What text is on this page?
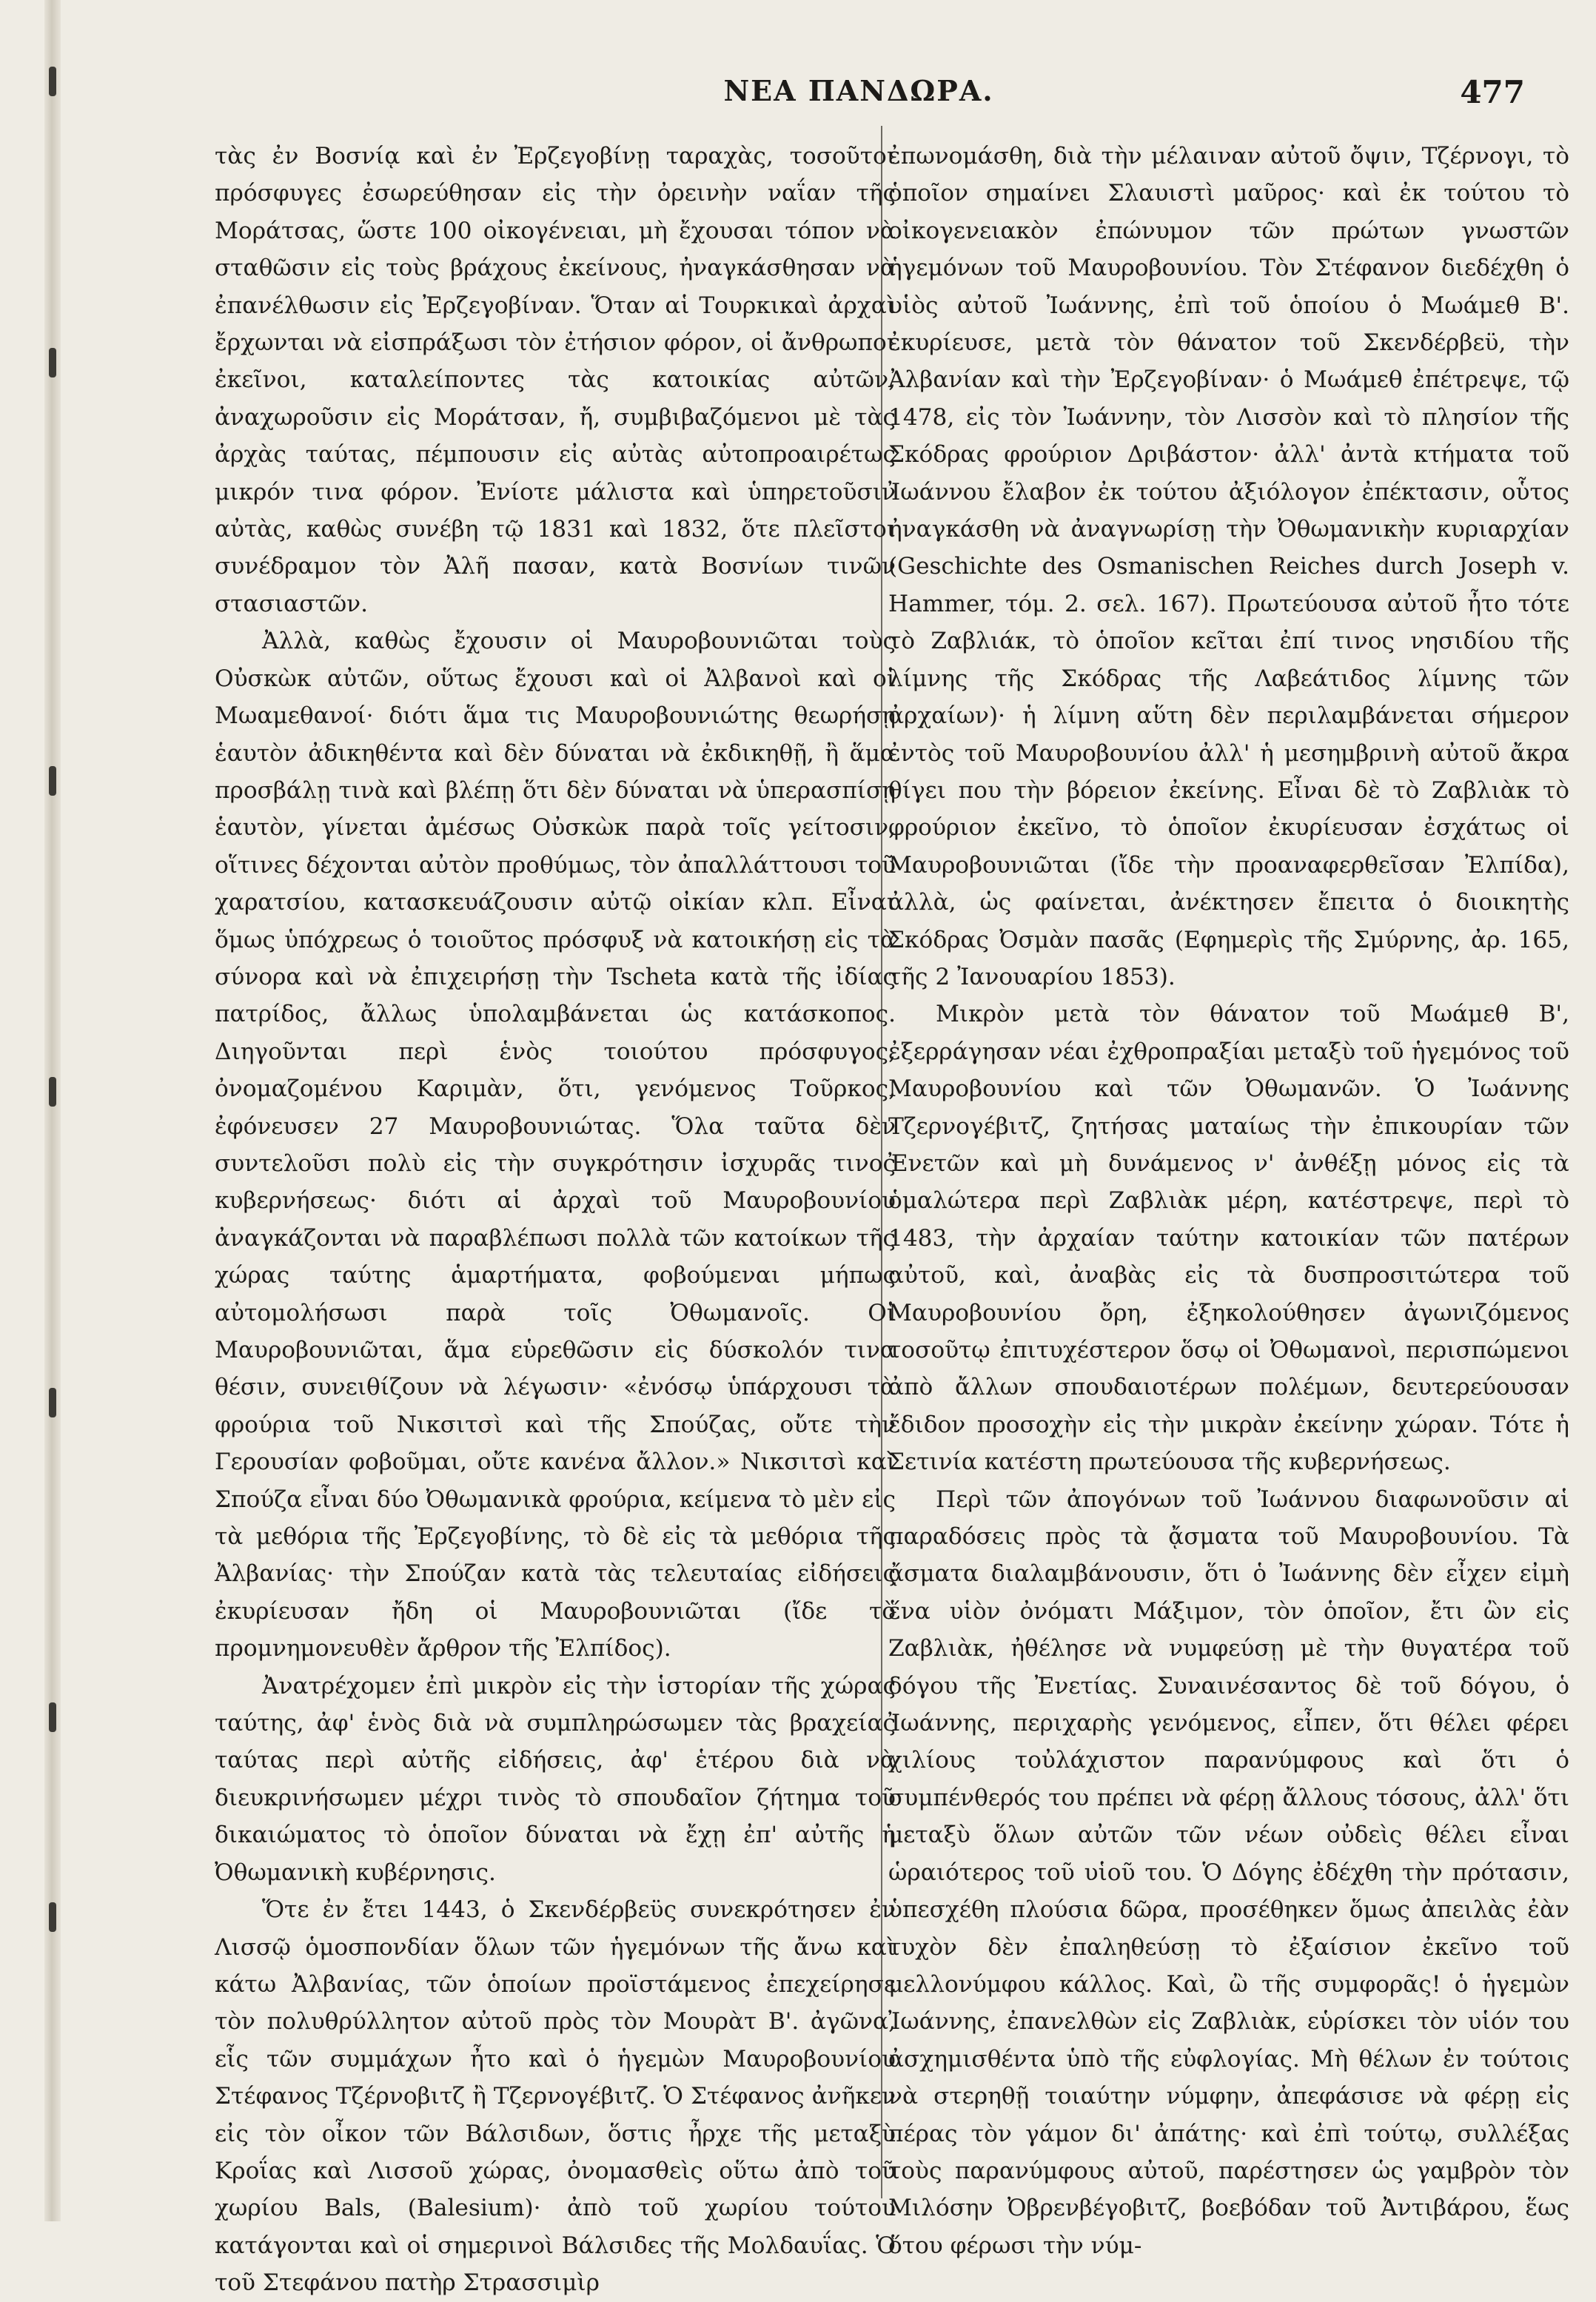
ΝΕΑ ΠΑΝΔΩΡΑ.	477

τὰς ἐν Βοσνίᾳ καὶ ἐν Ἐρζεγοβίνῃ ταραχὰς, τοσοῦτοι πρόσφυγες ἐσωρεύθησαν εἰς τὴν ὀρεινὴν ναΐαν τῆς Μοράτσας, ὥστε 100 οἰκογένειαι, μὴ ἔχουσαι τόπον νὰ σταθῶσιν εἰς τοὺς βράχους ἐκείνους, ἠναγκάσθησαν νὰ ἐπανέλθωσιν εἰς Ἐρζεγοβίναν. Ὅταν αἱ Τουρκικαὶ ἀρχαὶ ἔρχωνται νὰ εἰσπράξωσι τὸν ἐτήσιον φόρον, οἱ ἄνθρωποι ἐκεῖνοι, καταλείποντες τὰς κατοικίας αὐτῶν, ἀναχωροῦσιν εἰς Μοράτσαν, ἤ, συμβιβαζόμενοι μὲ τὰς ἀρχὰς ταύτας, πέμπουσιν εἰς αὐτὰς αὐτοπροαιρέτως μικρόν τινα φόρον. Ἐνίοτε μάλιστα καὶ ὑπηρετοῦσιν αὐτὰς, καθὼς συνέβη τῷ 1831 καὶ 1832, ὅτε πλεῖστοι συνέδραμον τὸν Ἀλῆ πασαν, κατὰ Βοσνίων τινῶν στασιαστῶν.

Ἀλλὰ, καθὼς ἔχουσιν οἱ Μαυροβουνιῶται τοὺς Οὐσκὼκ αὐτῶν, οὕτως ἔχουσι καὶ οἱ Ἀλβανοὶ καὶ οἱ Μωαμεθανοί· διότι ἅμα τις Μαυροβουνιώτης θεωρήσῃ ἑαυτὸν ἀδικηθέντα καὶ δὲν δύναται νὰ ἐκδικηθῇ, ἢ ἅμα προσβάλῃ τινὰ καὶ βλέπῃ ὅτι δὲν δύναται νὰ ὑπερασπίσῃ ἑαυτὸν, γίνεται ἀμέσως Οὐσκὼκ παρὰ τοῖς γείτοσιν, οἵτινες δέχονται αὐτὸν προθύμως, τὸν ἀπαλλάττουσι τοῦ χαρατσίου, κατασκευάζουσιν αὐτῷ οἰκίαν κλπ. Εἶναι ὅμως ὑπόχρεως ὁ τοιοῦτος πρόσφυξ νὰ κατοικήσῃ εἰς τὰ σύνορα καὶ νὰ ἐπιχειρήσῃ τὴν Tscheta κατὰ τῆς ἰδίας πατρίδος, ἄλλως ὑπολαμβάνεται ὡς κατάσκοπος. Διηγοῦνται περὶ ἑνὸς τοιούτου πρόσφυγος, ὀνομαζομένου Καριμὰν, ὅτι, γενόμενος Τοῦρκος, ἐφόνευσεν 27 Μαυροβουνιώτας. Ὅλα ταῦτα δὲν συντελοῦσι πολὺ εἰς τὴν συγκρότησιν ἰσχυρᾶς τινος κυβερνήσεως· διότι αἱ ἀρχαὶ τοῦ Μαυροβουνίου ἀναγκάζονται νὰ παραβλέπωσι πολλὰ τῶν κατοίκων τῆς χώρας ταύτης ἁμαρτήματα, φοβούμεναι μήπως αὐτομολήσωσι παρὰ τοῖς Ὀθωμανοῖς. Οἱ Μαυροβουνιῶται, ἅμα εὑρεθῶσιν εἰς δύσκολόν τινα θέσιν, συνειθίζουν νὰ λέγωσιν· «ἐνόσῳ ὑπάρχουσι τὰ φρούρια τοῦ Νικσιτσὶ καὶ τῆς Σπούζας, οὔτε τὴν Γερουσίαν φοβοῦμαι, οὔτε κανένα ἄλλον.» Νικσιτσὶ καὶ Σπούζα εἶναι δύο Ὀθωμανικὰ φρούρια, κείμενα τὸ μὲν εἰς τὰ μεθόρια τῆς Ἐρζεγοβίνης, τὸ δὲ εἰς τὰ μεθόρια τῆς Ἀλβανίας· τὴν Σπούζαν κατὰ τὰς τελευταίας εἰδήσεις ἐκυρίευσαν ἤδη οἱ Μαυροβουνιῶται (ἴδε τὸ προμνημονευθὲν ἄρθρον τῆς Ἐλπίδος).

Ἀνατρέχομεν ἐπὶ μικρὸν εἰς τὴν ἱστορίαν τῆς χώρας ταύτης, ἀφ' ἑνὸς διὰ νὰ συμπληρώσωμεν τὰς βραχείας ταύτας περὶ αὐτῆς εἰδήσεις, ἀφ' ἑτέρου διὰ νὰ διευκρινήσωμεν μέχρι τινὸς τὸ σπουδαῖον ζήτημα τοῦ δικαιώματος τὸ ὁποῖον δύναται νὰ ἔχῃ ἐπ' αὐτῆς ἡ Ὀθωμανικὴ κυβέρνησις.

Ὅτε ἐν ἔτει 1443, ὁ Σκενδέρβεϋς συνεκρότησεν ἐν Λισσῷ ὁμοσπονδίαν ὅλων τῶν ἡγεμόνων τῆς ἄνω καὶ κάτω Ἀλβανίας, τῶν ὁποίων προϊστάμενος ἐπεχείρησε τὸν πολυθρύλλητον αὐτοῦ πρὸς τὸν Μουρὰτ Β'. ἀγῶνα, εἷς τῶν συμμάχων ἦτο καὶ ὁ ἡγεμὼν Μαυροβουνίου Στέφανος Τζέρνοβιτζ ἢ Τζερνογέβιτζ. Ὁ Στέφανος ἀνῆκεν εἰς τὸν οἶκον τῶν Βάλσιδων, ὅστις ἦρχε τῆς μεταξὺ Κροΐας καὶ Λισσοῦ χώρας, ὀνομασθεὶς οὕτω ἀπὸ τοῦ χωρίου Bals, (Balesium)· ἀπὸ τοῦ χωρίου τούτου κατάγονται καὶ οἱ σημερινοὶ Βάλσιδες τῆς Μολδαυΐας. Ὁ τοῦ Στεφάνου πατὴρ Στρασσιμὶρ

ἐπωνομάσθη, διὰ τὴν μέλαιναν αὐτοῦ ὄψιν, Τζέρνογι, τὸ ὁποῖον σημαίνει Σλαυιστὶ μαῦρος· καὶ ἐκ τούτου τὸ οἰκογενειακὸν ἐπώνυμον τῶν πρώτων γνωστῶν ἡγεμόνων τοῦ Μαυροβουνίου. Τὸν Στέφανον διεδέχθη ὁ υἱὸς αὐτοῦ Ἰωάννης, ἐπὶ τοῦ ὁποίου ὁ Μωάμεθ Β'. ἐκυρίευσε, μετὰ τὸν θάνατον τοῦ Σκενδέρβεϋ, τὴν Ἀλβανίαν καὶ τὴν Ἐρζεγοβίναν· ὁ Μωάμεθ ἐπέτρεψε, τῷ 1478, εἰς τὸν Ἰωάννην, τὸν Λισσὸν καὶ τὸ πλησίον τῆς Σκόδρας φρούριον Δριβάστον· ἀλλ' ἀντὰ κτήματα τοῦ Ἰωάννου ἔλαβον ἐκ τούτου ἀξιόλογον ἐπέκτασιν, οὗτος ἠναγκάσθη νὰ ἀναγνωρίσῃ τὴν Ὀθωμανικὴν κυριαρχίαν (Geschichte des Osmanischen Reiches durch Joseph v. Hammer, τόμ. 2. σελ. 167). Πρωτεύουσα αὐτοῦ ἦτο τότε τὸ Ζαβλιάκ, τὸ ὁποῖον κεῖται ἐπί τινος νησιδίου τῆς λίμνης τῆς Σκόδρας τῆς Λαβεάτιδος λίμνης τῶν ἀρχαίων)· ἡ λίμνη αὕτη δὲν περιλαμβάνεται σήμερον ἐντὸς τοῦ Μαυροβουνίου ἀλλ' ἡ μεσημβρινὴ αὐτοῦ ἄκρα θίγει που τὴν βόρειον ἐκείνης. Εἶναι δὲ τὸ Ζαβλιὰκ τὸ φρούριον ἐκεῖνο, τὸ ὁποῖον ἐκυρίευσαν ἐσχάτως οἱ Μαυροβουνιῶται (ἴδε τὴν προαναφερθεῖσαν Ἐλπίδα), ἀλλὰ, ὡς φαίνεται, ἀνέκτησεν ἔπειτα ὁ διοικητὴς Σκόδρας Ὀσμὰν πασᾶς (Εφημερὶς τῆς Σμύρνης, ἀρ. 165, τῆς 2 Ἰανουαρίου 1853).

Μικρὸν μετὰ τὸν θάνατον τοῦ Μωάμεθ Β', ἐξερράγησαν νέαι ἐχθροπραξίαι μεταξὺ τοῦ ἡγεμόνος τοῦ Μαυροβουνίου καὶ τῶν Ὀθωμανῶν. Ὁ Ἰωάννης Τζερνογέβιτζ, ζητήσας ματαίως τὴν ἐπικουρίαν τῶν Ἐνετῶν καὶ μὴ δυνάμενος ν' ἀνθέξῃ μόνος εἰς τὰ ὁμαλώτερα περὶ Ζαβλιὰκ μέρη, κατέστρεψε, περὶ τὸ 1483, τὴν ἀρχαίαν ταύτην κατοικίαν τῶν πατέρων αὐτοῦ, καὶ, ἀναβὰς εἰς τὰ δυσπροσιτώτερα τοῦ Μαυροβουνίου ὄρη, ἐξηκολούθησεν ἀγωνιζόμενος τοσοῦτῳ ἐπιτυχέστερον ὅσῳ οἱ Ὀθωμανοὶ, περισπώμενοι ἀπὸ ἄλλων σπουδαιοτέρων πολέμων, δευτερεύουσαν ἔδιδον προσοχὴν εἰς τὴν μικρὰν ἐκείνην χώραν. Τότε ἡ Σετινία κατέστη πρωτεύουσα τῆς κυβερνήσεως.

Περὶ τῶν ἀπογόνων τοῦ Ἰωάννου διαφωνοῦσιν αἱ παραδόσεις πρὸς τὰ ᾄσματα τοῦ Μαυροβουνίου. Τὰ ᾄσματα διαλαμβάνουσιν, ὅτι ὁ Ἰωάννης δὲν εἶχεν εἰμὴ ἕνα υἱὸν ὀνόματι Μάξιμον, τὸν ὁποῖον, ἔτι ὢν εἰς Ζαβλιὰκ, ἠθέλησε νὰ νυμφεύσῃ μὲ τὴν θυγατέρα τοῦ δόγου τῆς Ἐνετίας. Συναινέσαντος δὲ τοῦ δόγου, ὁ Ἰωάννης, περιχαρὴς γενόμενος, εἶπεν, ὅτι θέλει φέρει χιλίους τοὐλάχιστον παρανύμφους καὶ ὅτι ὁ συμπένθερός του πρέπει νὰ φέρῃ ἄλλους τόσους, ἀλλ' ὅτι μεταξὺ ὅλων αὐτῶν τῶν νέων οὐδεὶς θέλει εἶναι ὡραιότερος τοῦ υἱοῦ του. Ὁ Δόγης ἐδέχθη τὴν πρότασιν, ὑπεσχέθη πλούσια δῶρα, προσέθηκεν ὅμως ἀπειλὰς ἐὰν τυχὸν δὲν ἐπαληθεύσῃ τὸ ἐξαίσιον ἐκεῖνο τοῦ μελλονύμφου κάλλος. Καὶ, ὢ τῆς συμφορᾶς! ὁ ἡγεμὼν Ἰωάννης, ἐπανελθὼν εἰς Ζαβλιὰκ, εὑρίσκει τὸν υἱόν του ἀσχημισθέντα ὑπὸ τῆς εὐφλογίας. Μὴ θέλων ἐν τούτοις νὰ στερηθῇ τοιαύτην νύμφην, ἀπεφάσισε νὰ φέρῃ εἰς πέρας τὸν γάμον δι' ἀπάτης· καὶ ἐπὶ τούτῳ, συλλέξας τοὺς παρανύμφους αὐτοῦ, παρέστησεν ὡς γαμβρὸν τὸν Μιλόσην Ὀβρενβέγοβιτζ, βοεβόδαν τοῦ Ἀντιβάρου, ἕως ὅτου φέρωσι τὴν νύμ-
